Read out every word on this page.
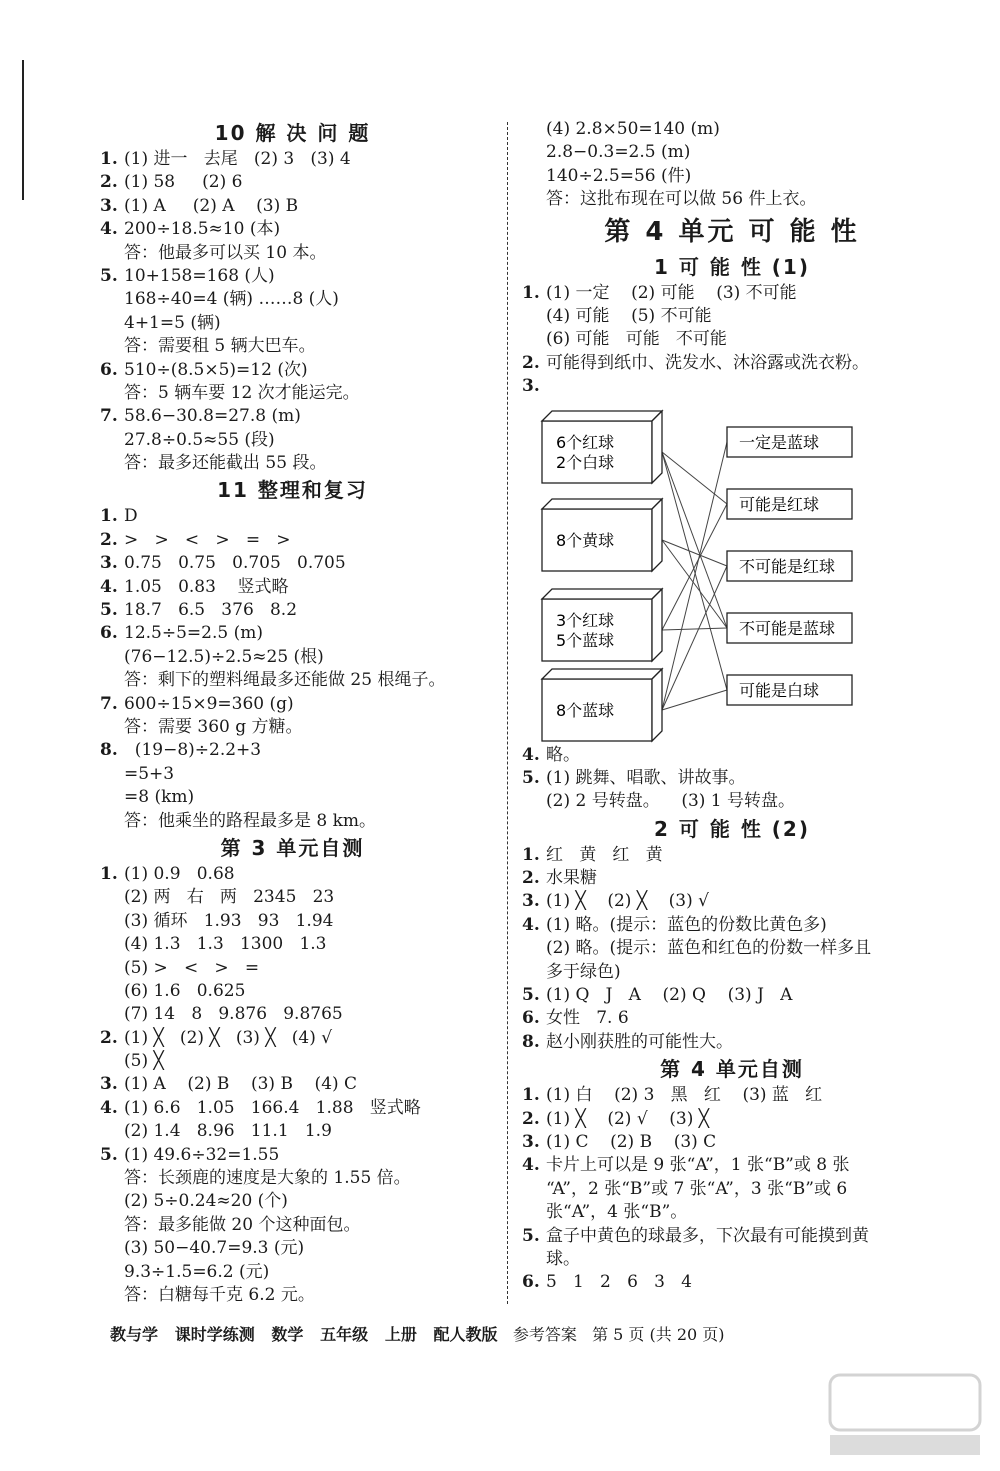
10 解 决 问 题
1. (1) 进一   去尾   (2) 3   (3) 4
2. (1) 58     (2) 6
3. (1) A     (2) A    (3) B
4. 200÷18.5≈10 (本)
答：他最多可以买 10 本。
5. 10+158=168 (人)
168÷40=4 (辆) ……8 (人)
4+1=5 (辆)
答：需要租 5 辆大巴车。
6. 510÷(8.5×5)=12 (次)
答：5 辆车要 12 次才能运完。
7. 58.6−30.8=27.8 (m)
27.8÷0.5≈55 (段)
答：最多还能截出 55 段。
11 整理和复习
1. D
2. >   >   <   >   =   >
3. 0.75   0.75   0.705   0.705
4. 1.05   0.83    竖式略
5. 18.7   6.5   376   8.2
6. 12.5÷5=2.5 (m)
(76−12.5)÷2.5≈25 (根)
答：剩下的塑料绳最多还能做 25 根绳子。
7. 600÷15×9=360 (g)
答：需要 360 g 方糖。
8.  (19−8)÷2.2+3
=5+3
=8 (km)
答：他乘坐的路程最多是 8 km。
第 3 单元自测
1. (1) 0.9   0.68
(2) 两   右   两   2345   23
(3) 循环   1.93   93   1.94
(4) 1.3   1.3   1300   1.3
(5) >   <   >   =
(6) 1.6   0.625
(7) 14   8   9.876   9.8765
2. (1) ╳   (2) ╳   (3) ╳   (4) √
(5) ╳
3. (1) A    (2) B    (3) B    (4) C
4. (1) 6.6   1.05   166.4   1.88   竖式略
(2) 1.4   8.96   11.1   1.9
5. (1) 49.6÷32=1.55
答：长颈鹿的速度是大象的 1.55 倍。
(2) 5÷0.24≈20 (个)
答：最多能做 20 个这种面包。
(3) 50−40.7=9.3 (元)
9.3÷1.5=6.2 (元)
答：白糖每千克 6.2 元。
(4) 2.8×50=140 (m)
2.8−0.3=2.5 (m)
140÷2.5=56 (件)
答：这批布现在可以做 56 件上衣。
第 4 单元 可 能 性
1 可 能 性 (1)
1. (1) 一定    (2) 可能    (3) 不可能
(4) 可能    (5) 不可能
(6) 可能   可能   不可能
2. 可能得到纸巾、洗发水、沐浴露或洗衣粉。
3.
6个红球
2个白球
8个黄球
3个红球
5个蓝球
8个蓝球
一定是蓝球
可能是红球
不可能是红球
不可能是蓝球
可能是白球
4. 略。
5. (1) 跳舞、唱歌、讲故事。
(2) 2 号转盘。    (3) 1 号转盘。
2 可 能 性 (2)
1. 红   黄   红   黄
2. 水果糖
3. (1) ╳    (2) ╳    (3) √
4. (1) 略。(提示：蓝色的份数比黄色多)
(2) 略。(提示：蓝色和红色的份数一样多且
多于绿色)
5. (1) Q   J   A    (2) Q    (3) J   A
6. 女性   7. 6
8. 赵小刚获胜的可能性大。
第 4 单元自测
1. (1) 白    (2) 3   黑   红    (3) 蓝   红
2. (1) ╳    (2) √    (3) ╳
3. (1) C    (2) B    (3) C
4. 卡片上可以是 9 张“A”，1 张“B”或 8 张
“A”，2 张“B”或 7 张“A”，3 张“B”或 6
张“A”，4 张“B”。
5. 盒子中黄色的球最多，下次最有可能摸到黄
球。
6. 5   1   2   6   3   4
教与学   课时学练测   数学   五年级   上册   配人教版   参考答案   第 5 页 (共 20 页)
